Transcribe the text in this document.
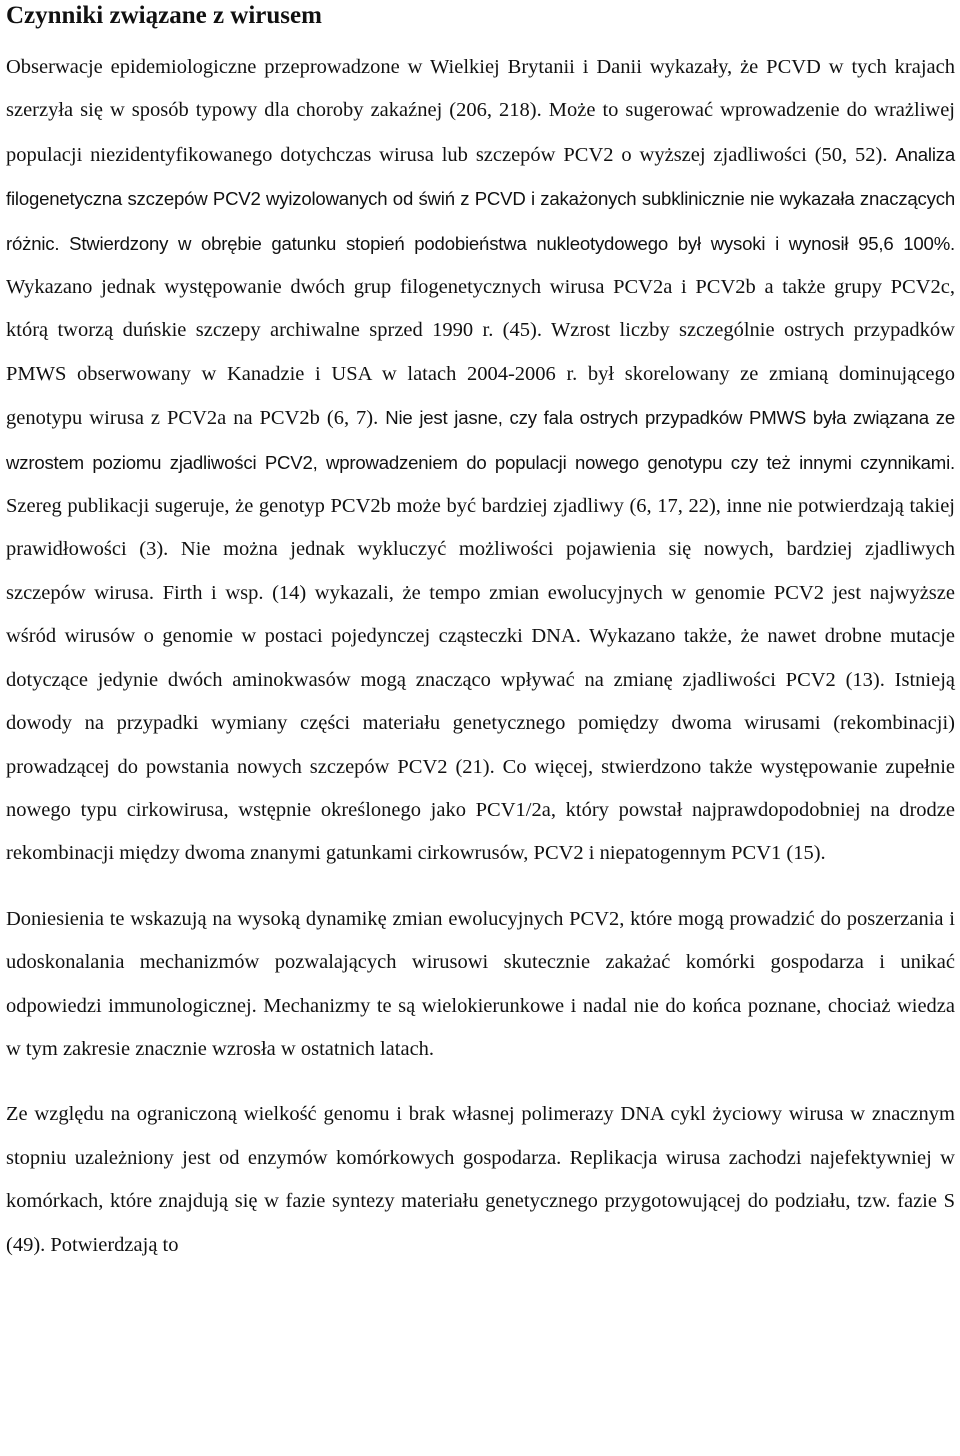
Czynniki związane z wirusem

Obserwacje epidemiologiczne przeprowadzone w Wielkiej Brytanii i Danii wykazały, że PCVD w tych krajach szerzyła się w sposób typowy dla choroby zakaźnej (206, 218). Może to sugerować wprowadzenie do wrażliwej populacji niezidentyfikowanego dotychczas wirusa lub szczepów PCV2 o wyższej zjadliwości (50, 52). Analiza filogenetyczna szczepów PCV2 wyizolowanych od świń z PCVD i zakażonych subklinicznie nie wykazała znaczących różnic. Stwierdzony w obrębie gatunku stopień podobieństwa nukleotydowego był wysoki i wynosił 95,6 100%. Wykazano jednak występowanie dwóch grup filogenetycznych wirusa PCV2a i PCV2b a także grupy PCV2c, którą tworzą duńskie szczepy archiwalne sprzed 1990 r. (45). Wzrost liczby szczególnie ostrych przypadków PMWS obserwowany w Kanadzie i USA w latach 2004-2006 r. był skorelowany ze zmianą dominującego genotypu wirusa z PCV2a na PCV2b (6, 7). Nie jest jasne, czy fala ostrych przypadków PMWS była związana ze wzrostem poziomu zjadliwości PCV2, wprowadzeniem do populacji nowego genotypu czy też innymi czynnikami. Szereg publikacji sugeruje, że genotyp PCV2b może być bardziej zjadliwy (6, 17, 22), inne nie potwierdzają takiej prawidłowości (3). Nie można jednak wykluczyć możliwości pojawienia się nowych, bardziej zjadliwych szczepów wirusa. Firth i wsp. (14) wykazali, że tempo zmian ewolucyjnych w genomie PCV2 jest najwyższe wśród wirusów o genomie w postaci pojedynczej cząsteczki DNA. Wykazano także, że nawet drobne mutacje dotyczące jedynie dwóch aminokwasów mogą znacząco wpływać na zmianę zjadliwości PCV2 (13). Istnieją dowody na przypadki wymiany części materiału genetycznego pomiędzy dwoma wirusami (rekombinacji) prowadzącej do powstania nowych szczepów PCV2 (21). Co więcej, stwierdzono także występowanie zupełnie nowego typu cirkowirusa, wstępnie określonego jako PCV1/2a, który powstał najprawdopodobniej na drodze rekombinacji między dwoma znanymi gatunkami cirkowrusów, PCV2 i niepatogennym PCV1 (15).

Doniesienia te wskazują na wysoką dynamikę zmian ewolucyjnych PCV2, które mogą prowadzić do poszerzania i udoskonalania mechanizmów pozwalających wirusowi skutecznie zakażać komórki gospodarza i unikać odpowiedzi immunologicznej. Mechanizmy te są wielokierunkowe i nadal nie do końca poznane, chociaż wiedza w tym zakresie znacznie wzrosła w ostatnich latach.

Ze względu na ograniczoną wielkość genomu i brak własnej polimerazy DNA cykl życiowy wirusa w znacznym stopniu uzależniony jest od enzymów komórkowych gospodarza. Replikacja wirusa zachodzi najefektywniej w komórkach, które znajdują się w fazie syntezy materiału genetycznego przygotowującej do podziału, tzw. fazie S (49). Potwierdzają to
